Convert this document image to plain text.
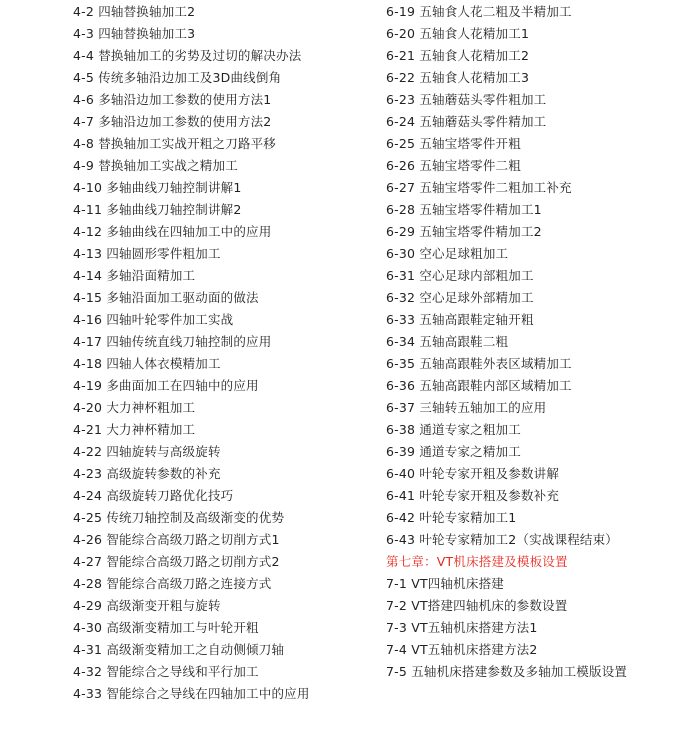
4-2 四轴替换轴加工2
4-3 四轴替换轴加工3
4-4 替换轴加工的劣势及过切的解决办法
4-5 传统多轴沿边加工及3D曲线倒角
4-6 多轴沿边加工参数的使用方法1
4-7 多轴沿边加工参数的使用方法2
4-8 替换轴加工实战开粗之刀路平移
4-9 替换轴加工实战之精加工
4-10 多轴曲线刀轴控制讲解1
4-11 多轴曲线刀轴控制讲解2
4-12 多轴曲线在四轴加工中的应用
4-13 四轴圆形零件粗加工
4-14 多轴沿面精加工
4-15 多轴沿面加工驱动面的做法
4-16 四轴叶轮零件加工实战
4-17 四轴传统直线刀轴控制的应用
4-18 四轴人体衣模精加工
4-19 多曲面加工在四轴中的应用
4-20 大力神杯粗加工
4-21 大力神杯精加工
4-22 四轴旋转与高级旋转
4-23 高级旋转参数的补充
4-24 高级旋转刀路优化技巧
4-25 传统刀轴控制及高级渐变的优势
4-26 智能综合高级刀路之切削方式1
4-27 智能综合高级刀路之切削方式2
4-28 智能综合高级刀路之连接方式
4-29 高级渐变开粗与旋转
4-30 高级渐变精加工与叶轮开粗
4-31 高级渐变精加工之自动侧倾刀轴
4-32 智能综合之导线和平行加工
4-33 智能综合之导线在四轴加工中的应用
6-19 五轴食人花二粗及半精加工
6-20 五轴食人花精加工1
6-21 五轴食人花精加工2
6-22 五轴食人花精加工3
6-23 五轴蘑菇头零件粗加工
6-24 五轴蘑菇头零件精加工
6-25 五轴宝塔零件开粗
6-26 五轴宝塔零件二粗
6-27 五轴宝塔零件二粗加工补充
6-28 五轴宝塔零件精加工1
6-29 五轴宝塔零件精加工2
6-30 空心足球粗加工
6-31 空心足球内部粗加工
6-32 空心足球外部精加工
6-33 五轴高跟鞋定轴开粗
6-34 五轴高跟鞋二粗
6-35 五轴高跟鞋外表区域精加工
6-36 五轴高跟鞋内部区域精加工
6-37 三轴转五轴加工的应用
6-38 通道专家之粗加工
6-39 通道专家之精加工
6-40 叶轮专家开粗及参数讲解
6-41 叶轮专家开粗及参数补充
6-42 叶轮专家精加工1
6-43 叶轮专家精加工2（实战课程结束）
第七章：VT机床搭建及模板设置
7-1 VT四轴机床搭建
7-2 VT搭建四轴机床的参数设置
7-3 VT五轴机床搭建方法1
7-4 VT五轴机床搭建方法2
7-5 五轴机床搭建参数及多轴加工模版设置
